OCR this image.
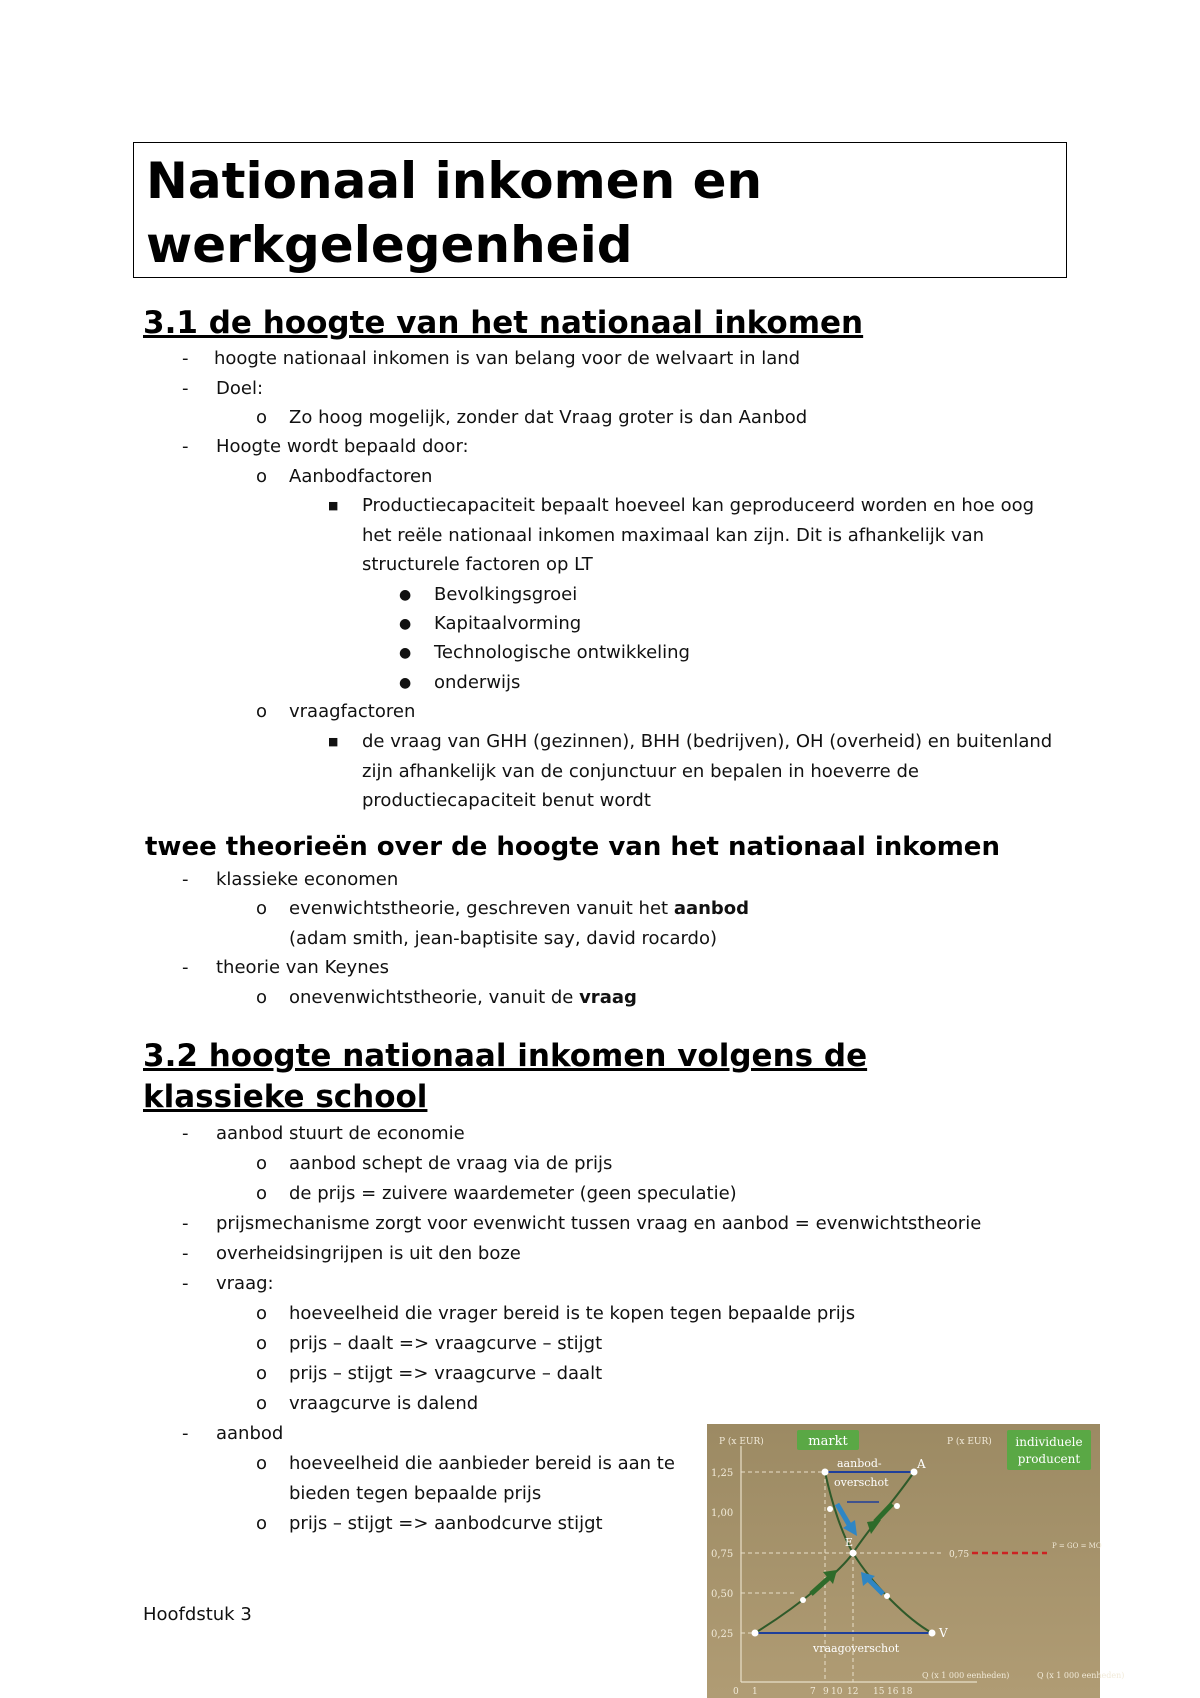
Nationaal inkomen en werkgelegenheid
3.1 de hoogte van het nationaal inkomen
- hoogte nationaal inkomen is van belang voor de welvaart in land
- Doel:
o Zo hoog mogelijk, zonder dat Vraag groter is dan Aanbod
- Hoogte wordt bepaald door:
o Aanbodfactoren
■ Productiecapaciteit bepaalt hoeveel kan geproduceerd worden en hoe oog
het reële nationaal inkomen maximaal kan zijn. Dit is afhankelijk van
structurele factoren op LT
● Bevolkingsgroei
● Kapitaalvorming
● Technologische ontwikkeling
● onderwijs
o vraagfactoren
■ de vraag van GHH (gezinnen), BHH (bedrijven), OH (overheid) en buitenland
zijn afhankelijk van de conjunctuur en bepalen in hoeverre de
productiecapaciteit benut wordt
twee theorieën over de hoogte van het nationaal inkomen
- klassieke economen
o evenwichtstheorie, geschreven vanuit het aanbod
(adam smith, jean-baptisite say, david rocardo)
- theorie van Keynes
o onevenwichtstheorie, vanuit de vraag
3.2 hoogte nationaal inkomen volgens de
klassieke school
- aanbod stuurt de economie
o aanbod schept de vraag via de prijs
o de prijs = zuivere waardemeter (geen speculatie)
- prijsmechanisme zorgt voor evenwicht tussen vraag en aanbod = evenwichtstheorie
- overheidsingrijpen is uit den boze
- vraag:
o hoeveelheid die vrager bereid is te kopen tegen bepaalde prijs
o prijs – daalt => vraagcurve – stijgt
o prijs – stijgt => vraagcurve – daalt
o vraagcurve is dalend
- aanbod
o hoeveelheid die aanbieder bereid is aan te
bieden tegen bepaalde prijs
o prijs – stijgt => aanbodcurve stijgt
Hoofdstuk 3
markt	individuele
producent
P (x EUR)	P (x EUR)
1,25
1,00
0,75
0,50
0,25
0 1	7 9 10 12 15 16 18
Q (x 1 000 eenheden)	Q (x 1 000 eenheden)
aanbod-
overschot
vraagoverschot
A
E
V
0,75
P = GO = MO
